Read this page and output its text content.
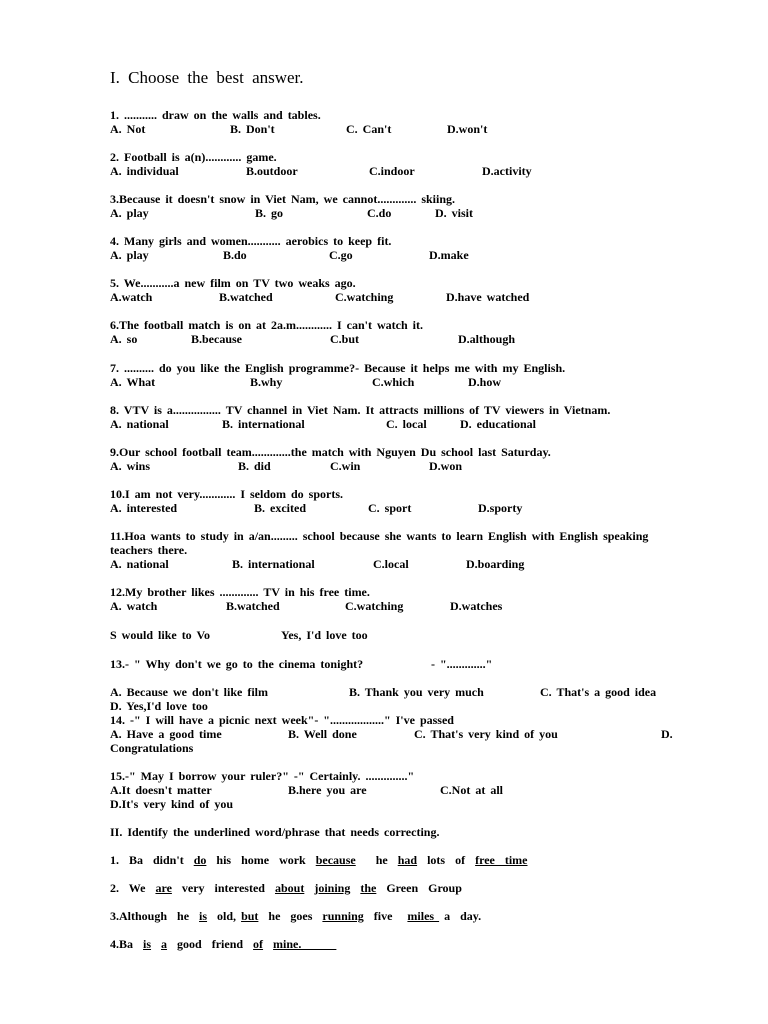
I. Choose the best answer.
1. ........... draw on the walls and tables.
A. Not	B. Don't	C. Can't	D.won't
2. Football is a(n)............ game.
A. individual	B.outdoor	C.indoor	D.activity
3.Because it doesn't snow in Viet Nam, we cannot............. skiing.
A. play	B. go	C.do	D. visit
4. Many girls and women........... aerobics to keep fit.
A. play	B.do	C.go	D.make
5. We...........a new film on TV two weaks ago.
A.watch	B.watched	C.watching	D.have watched
6.The football match is on at 2a.m............ I can't watch it.
A. so	B.because	C.but	D.although
7. .......... do you like the English programme?- Because it helps me with my English.
A. What	B.why	C.which	D.how
8. VTV is a................ TV channel in Viet Nam. It attracts millions of TV viewers in Vietnam.
A. national	B. international	C. local	D. educational
9.Our school football team.............the match with Nguyen Du school last Saturday.
A. wins	B. did	C.win	D.won
10.I am not very............ I seldom do sports.
A. interested	B. excited	C. sport	D.sporty
11.Hoa wants to study in a/an......... school because she wants to learn English with English speaking teachers there.
A. national	B. international	C.local	D.boarding
12.My brother likes ............. TV in his free time.
A. watch	B.watched	C.watching	D.watches
S would like to Vo	Yes, I'd love too
13.- " Why don't we go to the cinema tonight?	- "............."
A. Because we don't like film	B. Thank you very much	C. That's a good idea
D. Yes,I'd love too
14. -" I will have a picnic next week"- ".................." I've passed
A. Have a good time	B. Well done	C. That's very kind of you	D.
Congratulations
15.-" May I borrow your ruler?" -" Certainly. .............."
A.It doesn't matter	B.here you are	C.Not at all
D.It's very kind of you
II. Identify the underlined word/phrase that needs correcting.
1.  Ba  didn't  do  his  home  work  because    he  had  lots  of  free  time
2.  We  are  very  interested  about joining the  Green  Group
3.Although  he  is  old, but  he  goes  running  five   miles  a  day.
4.Ba  is a  good  friend  of mine.
